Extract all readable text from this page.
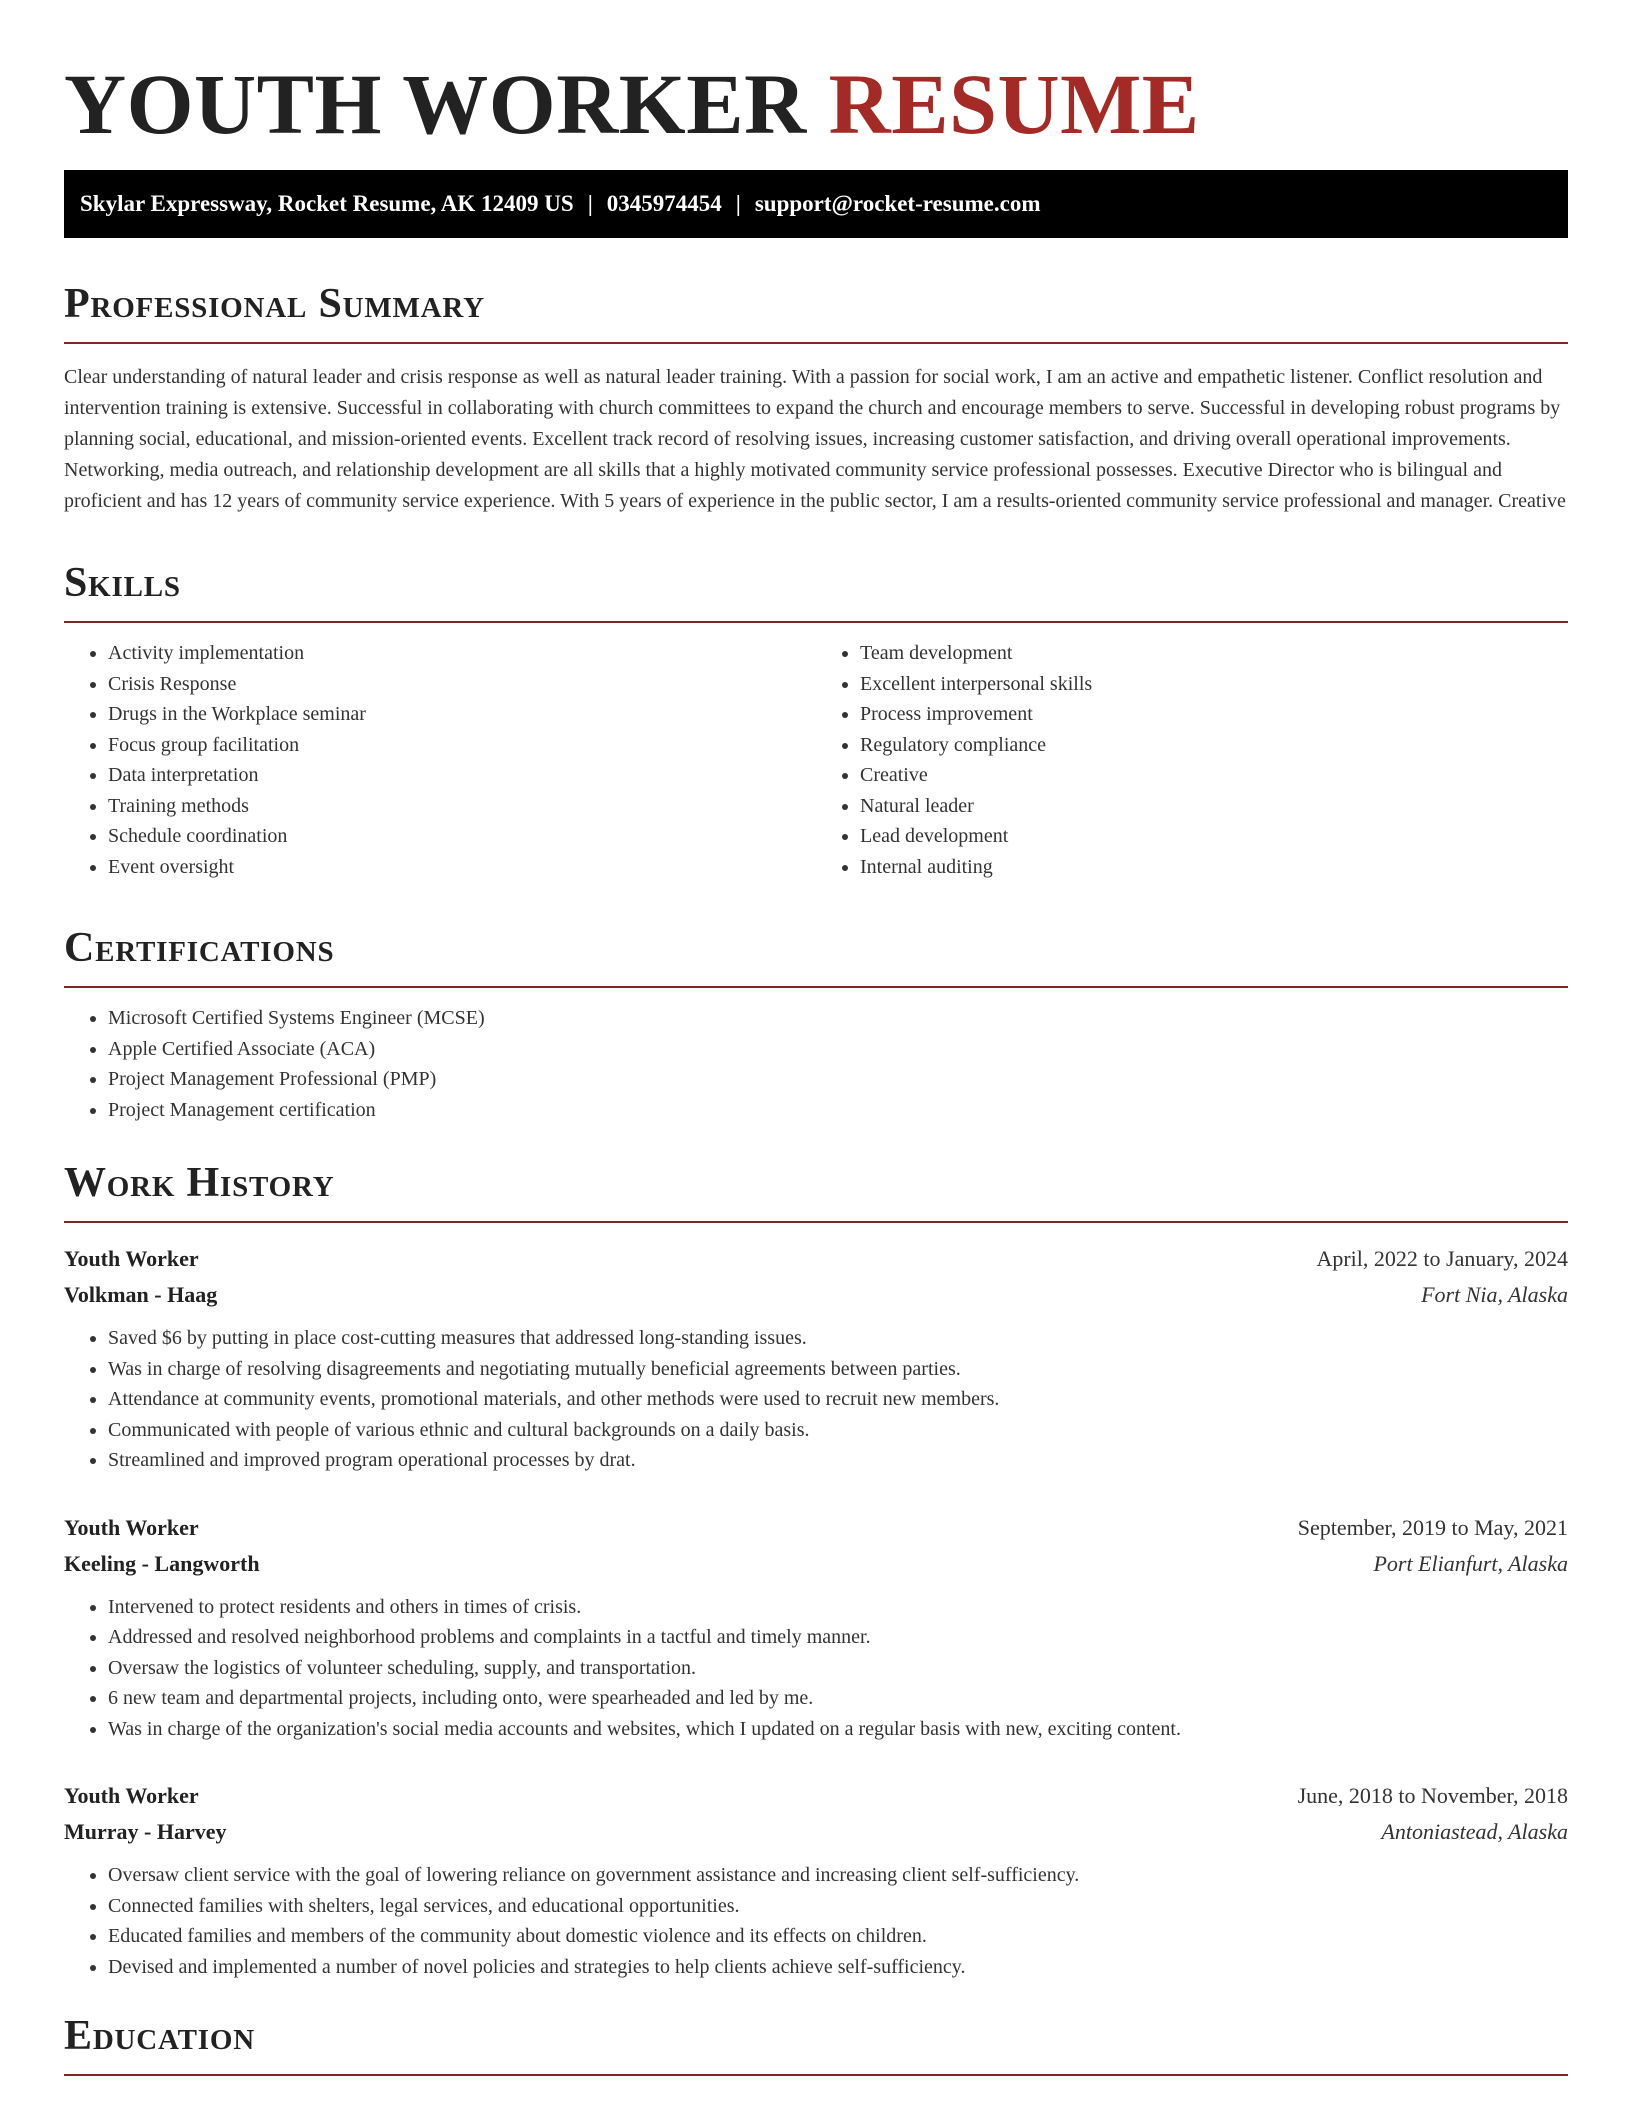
YOUTH WORKER RESUME
Skylar Expressway, Rocket Resume, AK 12409 US | 0345974454 | support@rocket-resume.com
Professional Summary

Clear understanding of natural leader and crisis response as well as natural leader training. With a passion for social work, I am an active and empathetic listener. Conflict resolution and intervention training is extensive. Successful in collaborating with church committees to expand the church and encourage members to serve. Successful in developing robust programs by planning social, educational, and mission-oriented events. Excellent track record of resolving issues, increasing customer satisfaction, and driving overall operational improvements. Networking, media outreach, and relationship development are all skills that a highly motivated community service professional possesses. Executive Director who is bilingual and proficient and has 12 years of community service experience. With 5 years of experience in the public sector, I am a results-oriented community service professional and manager. Creative

Skills
• Activity implementation
• Crisis Response
• Drugs in the Workplace seminar
• Focus group facilitation
• Data interpretation
• Training methods
• Schedule coordination
• Event oversight
• Team development
• Excellent interpersonal skills
• Process improvement
• Regulatory compliance
• Creative
• Natural leader
• Lead development
• Internal auditing
Certifications
• Microsoft Certified Systems Engineer (MCSE)
• Apple Certified Associate (ACA)
• Project Management Professional (PMP)
• Project Management certification
Work History
Youth Worker	April, 2022 to January, 2024
Volkman - Haag	Fort Nia, Alaska
• Saved $6 by putting in place cost-cutting measures that addressed long-standing issues.
• Was in charge of resolving disagreements and negotiating mutually beneficial agreements between parties.
• Attendance at community events, promotional materials, and other methods were used to recruit new members.
• Communicated with people of various ethnic and cultural backgrounds on a daily basis.
• Streamlined and improved program operational processes by drat.
Youth Worker	September, 2019 to May, 2021
Keeling - Langworth	Port Elianfurt, Alaska
• Intervened to protect residents and others in times of crisis.
• Addressed and resolved neighborhood problems and complaints in a tactful and timely manner.
• Oversaw the logistics of volunteer scheduling, supply, and transportation.
• 6 new team and departmental projects, including onto, were spearheaded and led by me.
• Was in charge of the organization's social media accounts and websites, which I updated on a regular basis with new, exciting content.
Youth Worker	June, 2018 to November, 2018
Murray - Harvey	Antoniastead, Alaska
• Oversaw client service with the goal of lowering reliance on government assistance and increasing client self-sufficiency.
• Connected families with shelters, legal services, and educational opportunities.
• Educated families and members of the community about domestic violence and its effects on children.
• Devised and implemented a number of novel policies and strategies to help clients achieve self-sufficiency.
Education
